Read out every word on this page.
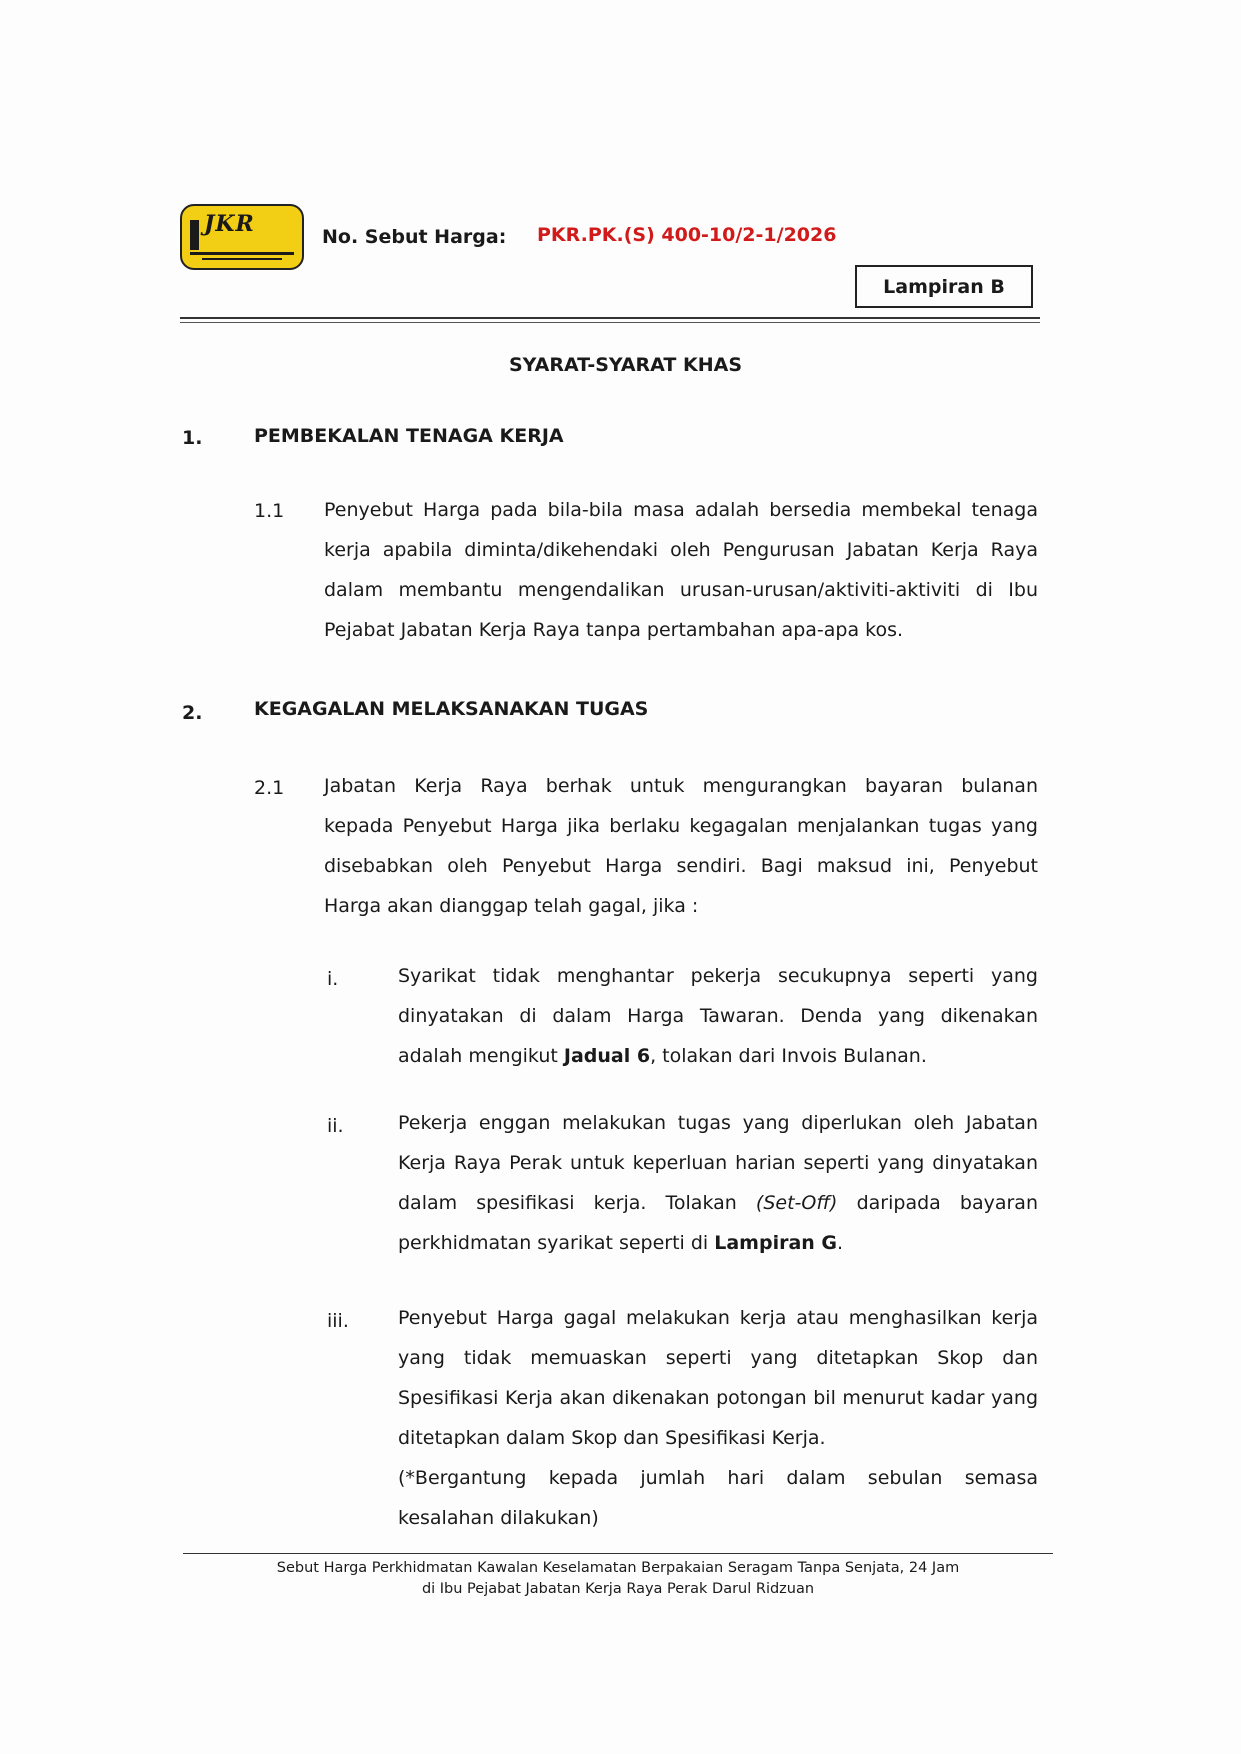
JKR	No. Sebut Harga: PKR.PK.(S) 400-10/2-1/2026
Lampiran B
SYARAT-SYARAT KHAS
1.	PEMBEKALAN TENAGA KERJA
1.1 Penyebut Harga pada bila-bila masa adalah bersedia membekal tenaga
kerja apabila diminta/dikehendaki oleh Pengurusan Jabatan Kerja Raya
dalam membantu mengendalikan urusan-urusan/aktiviti-aktiviti di Ibu
Pejabat Jabatan Kerja Raya tanpa pertambahan apa-apa kos.
2.	KEGAGALAN MELAKSANAKAN TUGAS
2.1 Jabatan Kerja Raya berhak untuk mengurangkan bayaran bulanan
kepada Penyebut Harga jika berlaku kegagalan menjalankan tugas yang
disebabkan oleh Penyebut Harga sendiri. Bagi maksud ini, Penyebut
Harga akan dianggap telah gagal, jika :
i.	Syarikat tidak menghantar pekerja secukupnya seperti yang
dinyatakan di dalam Harga Tawaran. Denda yang dikenakan
adalah mengikut Jadual 6, tolakan dari Invois Bulanan.
ii.	Pekerja enggan melakukan tugas yang diperlukan oleh Jabatan
Kerja Raya Perak untuk keperluan harian seperti yang dinyatakan
dalam spesifikasi kerja. Tolakan (Set-Off) daripada bayaran
perkhidmatan syarikat seperti di Lampiran G.
iii.	Penyebut Harga gagal melakukan kerja atau menghasilkan kerja
yang tidak memuaskan seperti yang ditetapkan Skop dan
Spesifikasi Kerja akan dikenakan potongan bil menurut kadar yang
ditetapkan dalam Skop dan Spesifikasi Kerja.
(*Bergantung kepada jumlah hari dalam sebulan semasa
kesalahan dilakukan)
Sebut Harga Perkhidmatan Kawalan Keselamatan Berpakaian Seragam Tanpa Senjata, 24 Jam
di Ibu Pejabat Jabatan Kerja Raya Perak Darul Ridzuan
